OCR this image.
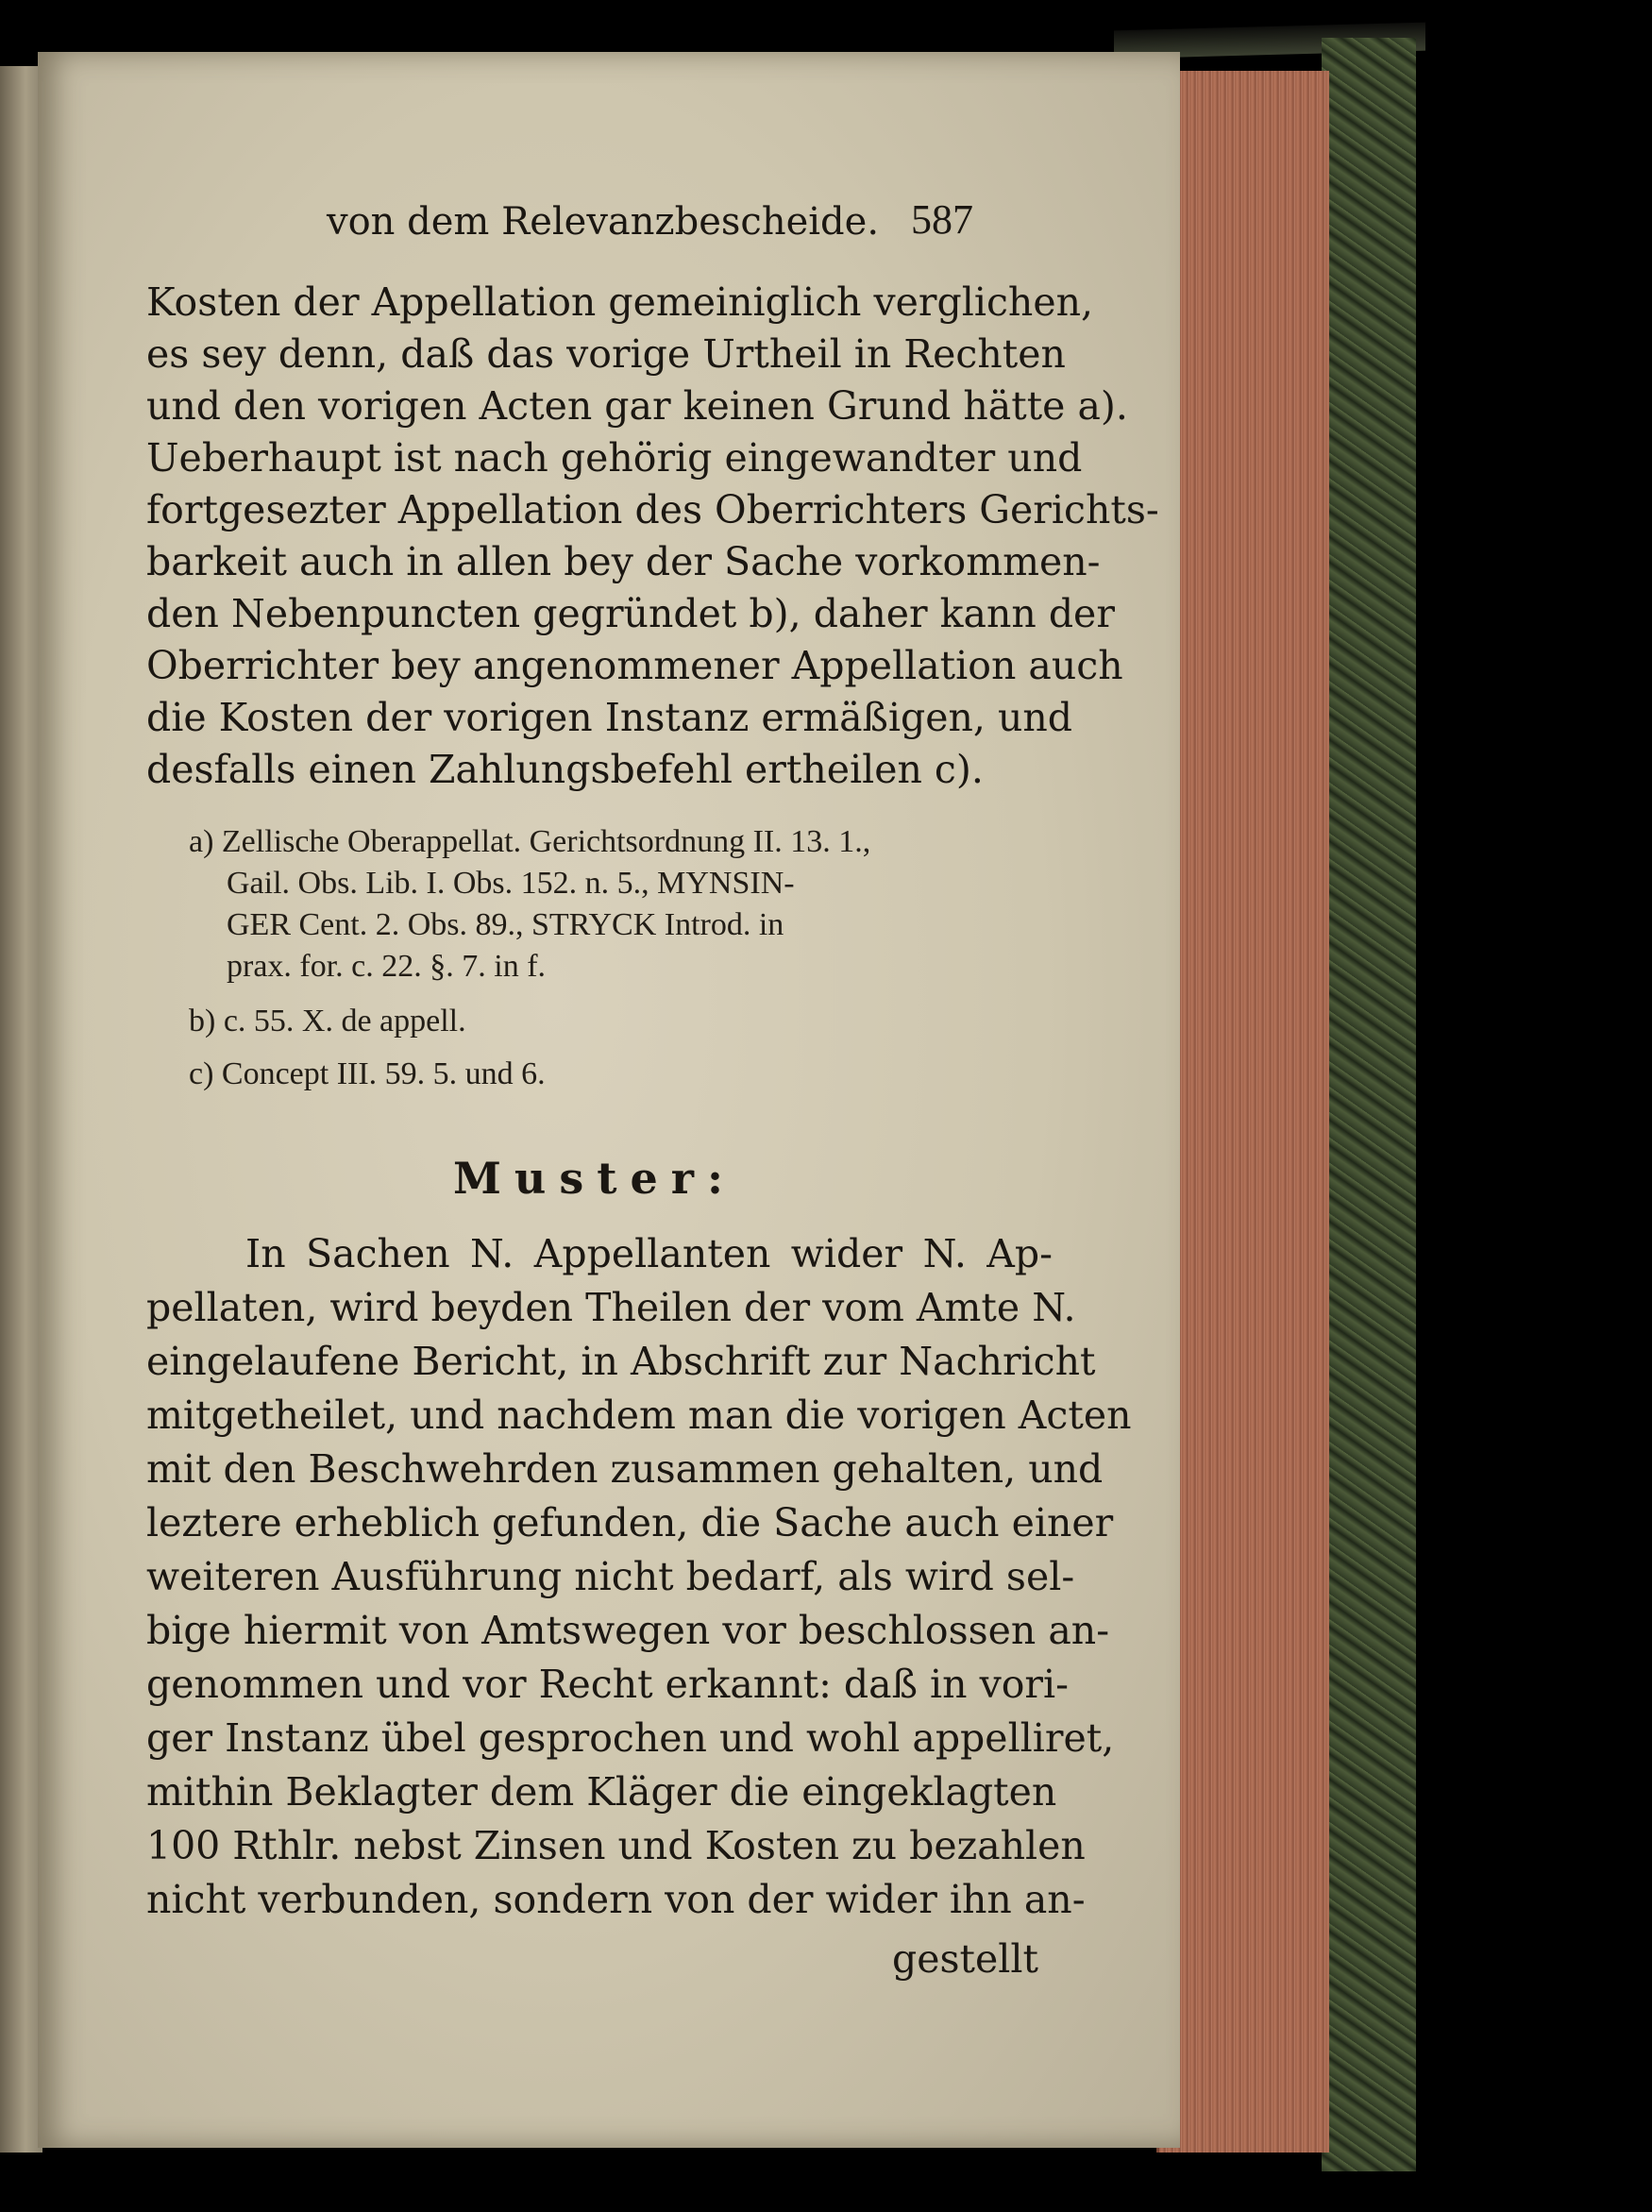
von dem Relevanzbescheide. 587
Kosten der Appellation gemeiniglich verglichen,
es sey denn, daß das vorige Urtheil in Rechten
und den vorigen Acten gar keinen Grund hätte a).
Ueberhaupt ist nach gehörig eingewandter und
fortgesezter Appellation des Oberrichters Gerichts-
barkeit auch in allen bey der Sache vorkommen-
den Nebenpuncten gegründet b), daher kann der
Oberrichter bey angenommener Appellation auch
die Kosten der vorigen Instanz ermäßigen, und
desfalls einen Zahlungsbefehl ertheilen c).
a) Zellische Oberappellat. Gerichtsordnung II. 13. 1.,
Gail. Obs. Lib. I. Obs. 152. n. 5., MYNSIN-
GER Cent. 2. Obs. 89., STRYCK Introd. in
prax. for. c. 22. §. 7. in f.
b) c. 55. X. de appell.
c) Concept III. 59. 5. und 6.
Muster:
In Sachen N. Appellanten wider N. Ap-
pellaten, wird beyden Theilen der vom Amte N.
eingelaufene Bericht, in Abschrift zur Nachricht
mitgetheilet, und nachdem man die vorigen Acten
mit den Beschwehrden zusammen gehalten, und
leztere erheblich gefunden, die Sache auch einer
weiteren Ausführung nicht bedarf, als wird sel-
bige hiermit von Amtswegen vor beschlossen an-
genommen und vor Recht erkannt: daß in vori-
ger Instanz übel gesprochen und wohl appelliret,
mithin Beklagter dem Kläger die eingeklagten
100 Rthlr. nebst Zinsen und Kosten zu bezahlen
nicht verbunden, sondern von der wider ihn an-
gestellt
